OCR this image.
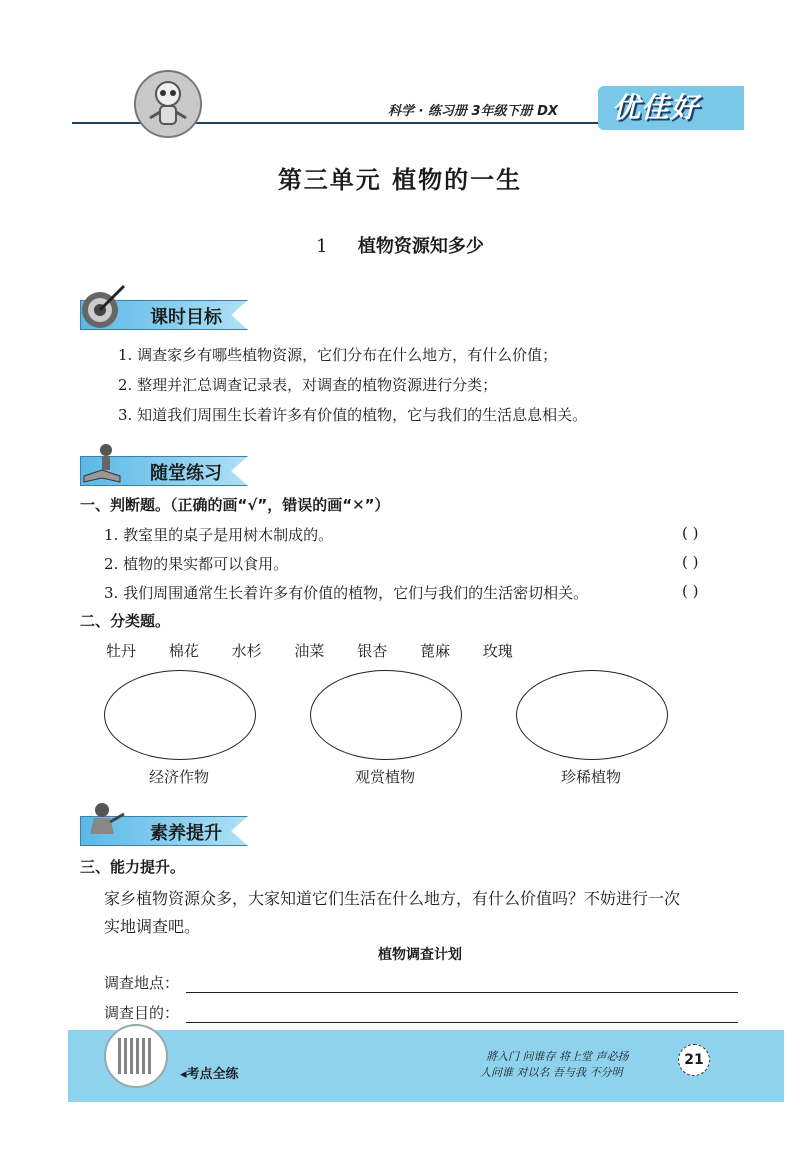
科学 · 练习册 3年级下册 DX 优佳好
第三单元 植物的一生
1 植物资源知多少
课时目标
1. 调查家乡有哪些植物资源，它们分布在什么地方，有什么价值；
2. 整理并汇总调查记录表，对调查的植物资源进行分类；
3. 知道我们周围生长着许多有价值的植物，它与我们的生活息息相关。
随堂练习
一、判断题。（正确的画“√”，错误的画“✕”）
1. 教室里的桌子是用树木制成的。	( )
2. 植物的果实都可以食用。	( )
3. 我们周围通常生长着许多有价值的植物，它们与我们的生活密切相关。	( )
二、分类题。
牡丹 棉花 水杉 油菜 银杏 蓖麻 玫瑰
经济作物	观赏植物	珍稀植物
素养提升
三、能力提升。
家乡植物资源众多，大家知道它们生活在什么地方，有什么价值吗？不妨进行一次
实地调查吧。
植物调查计划
调查地点：
调查目的：
◂考点全练
將入门 问谁存 将上堂 声必扬
人问谁 对以名 吾与我 不分明
21
